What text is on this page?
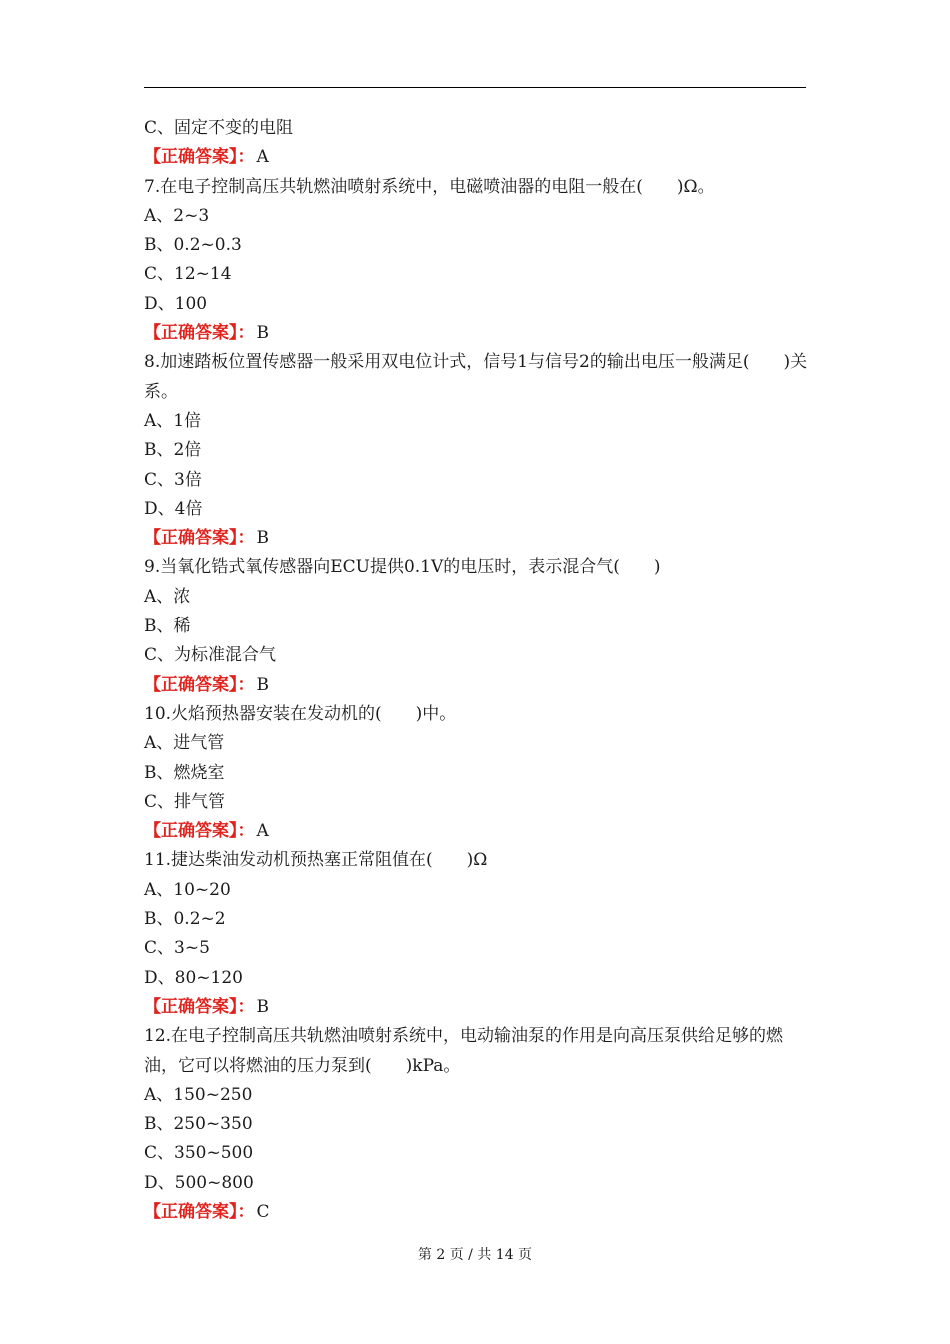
C、固定不变的电阻
【正确答案】： A
7.在电子控制高压共轨燃油喷射系统中，电磁喷油器的电阻一般在(　　)Ω。
A、2~3
B、0.2~0.3
C、12~14
D、100
【正确答案】： B
8.加速踏板位置传感器一般采用双电位计式，信号1与信号2的输出电压一般满足(　　)关系。
A、1倍
B、2倍
C、3倍
D、4倍
【正确答案】： B
9.当氧化锆式氧传感器向ECU提供0.1V的电压时，表示混合气(　　)
A、浓
B、稀
C、为标准混合气
【正确答案】： B
10.火焰预热器安装在发动机的(　　)中。
A、进气管
B、燃烧室
C、排气管
【正确答案】： A
11.捷达柴油发动机预热塞正常阻值在(　　)Ω
A、10~20
B、0.2~2
C、3~5
D、80~120
【正确答案】： B
12.在电子控制高压共轨燃油喷射系统中，电动输油泵的作用是向高压泵供给足够的燃油，它可以将燃油的压力泵到(　　)kPa。
A、150~250
B、250~350
C、350~500
D、500~800
【正确答案】： C
第 2 页 / 共 14 页
